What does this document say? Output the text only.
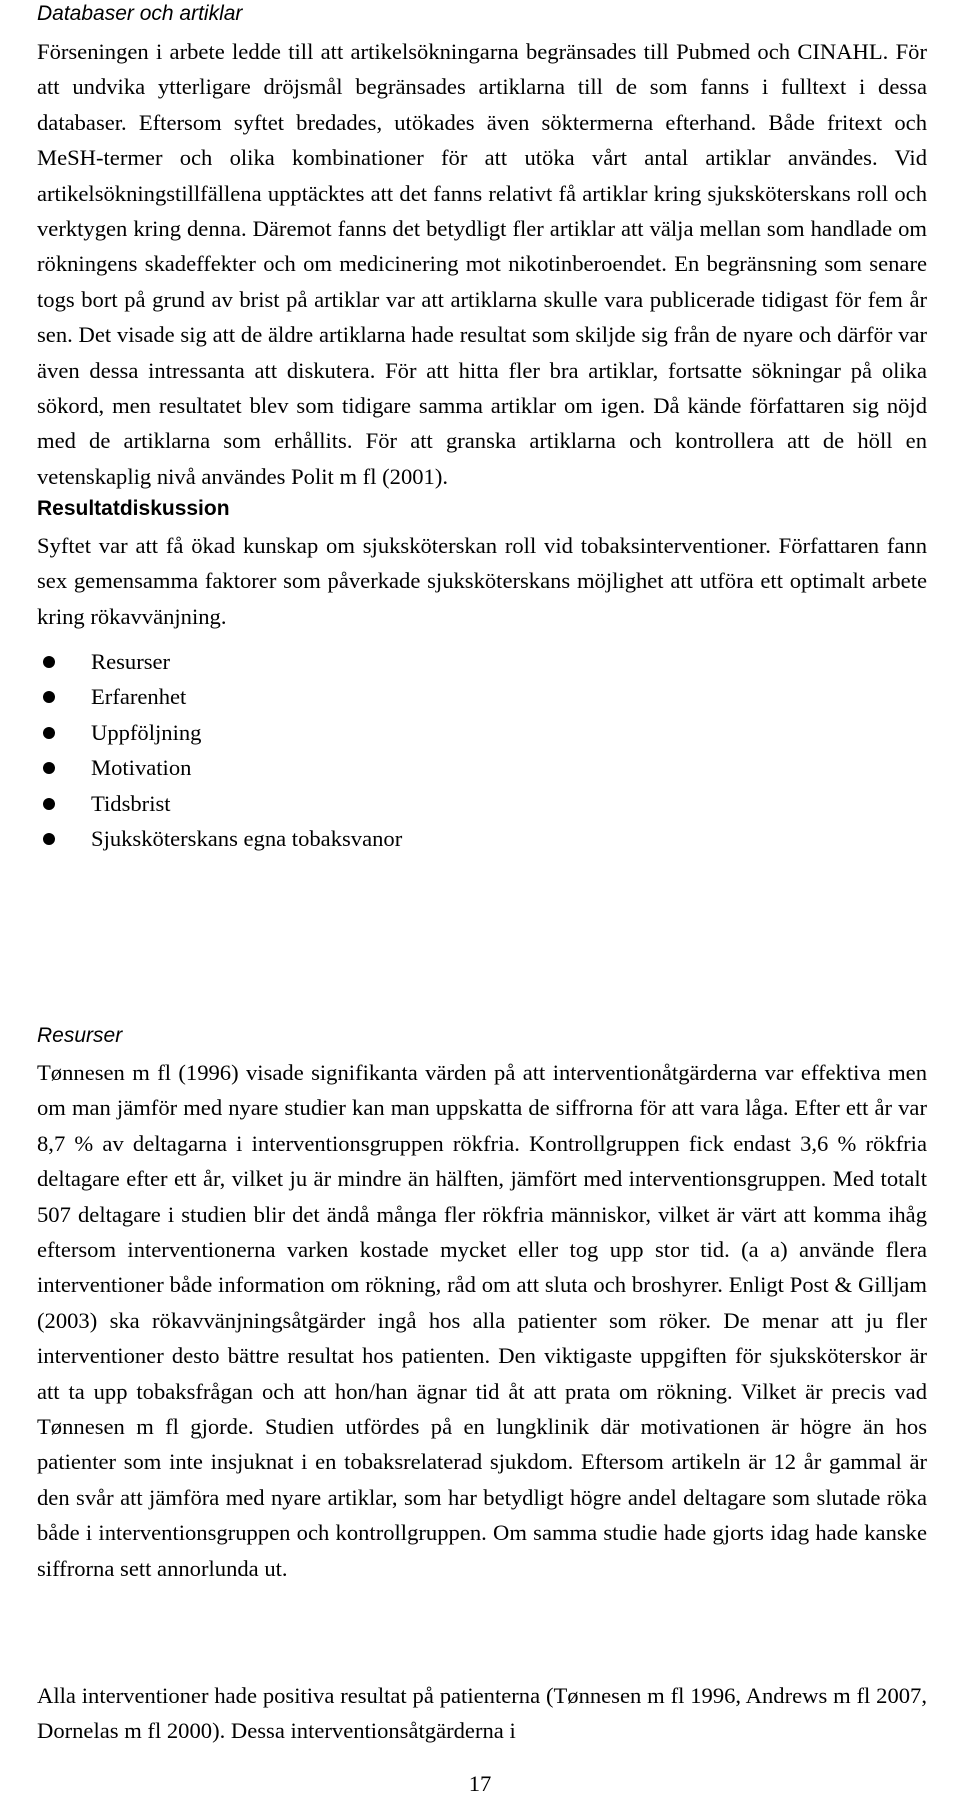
Databaser och artiklar

Förseningen i arbete ledde till att artikelsökningarna begränsades till Pubmed och CINAHL. För att undvika ytterligare dröjsmål begränsades artiklarna till de som fanns i fulltext i dessa databaser. Eftersom syftet bredades, utökades även söktermerna efterhand. Både fritext och MeSH-termer och olika kombinationer för att utöka vårt antal artiklar användes. Vid artikelsökningstillfällena upptäcktes att det fanns relativt få artiklar kring sjuksköterskans roll och verktygen kring denna. Däremot fanns det betydligt fler artiklar att välja mellan som handlade om rökningens skadeffekter och om medicinering mot nikotinberoendet. En begränsning som senare togs bort på grund av brist på artiklar var att artiklarna skulle vara publicerade tidigast för fem år sen. Det visade sig att de äldre artiklarna hade resultat som skiljde sig från de nyare och därför var även dessa intressanta att diskutera. För att hitta fler bra artiklar, fortsatte sökningar på olika sökord, men resultatet blev som tidigare samma artiklar om igen. Då kände författaren sig nöjd med de artiklarna som erhållits. För att granska artiklarna och kontrollera att de höll en vetenskaplig nivå användes Polit m fl (2001).

Resultatdiskussion

Syftet var att få ökad kunskap om sjuksköterskan roll vid tobaksinterventioner. Författaren fann sex gemensamma faktorer som påverkade sjuksköterskans möjlighet att utföra ett optimalt arbete kring rökavvänjning.

Resurser
Erfarenhet
Uppföljning
Motivation
Tidsbrist
Sjuksköterskans egna tobaksvanor
Resurser

Tønnesen m fl (1996) visade signifikanta värden på att interventionåtgärderna var effektiva men om man jämför med nyare studier kan man uppskatta de siffrorna för att vara låga. Efter ett år var 8,7 % av deltagarna i interventionsgruppen rökfria. Kontrollgruppen fick endast 3,6 % rökfria deltagare efter ett år, vilket ju är mindre än hälften, jämfört med interventionsgruppen. Med totalt 507 deltagare i studien blir det ändå många fler rökfria människor, vilket är värt att komma ihåg eftersom interventionerna varken kostade mycket eller tog upp stor tid. (a a) använde flera interventioner både information om rökning, råd om att sluta och broshyrer. Enligt Post & Gilljam (2003) ska rökavvänjningsåtgärder ingå hos alla patienter som röker. De menar att ju fler interventioner desto bättre resultat hos patienten. Den viktigaste uppgiften för sjuksköterskor är att ta upp tobaksfrågan och att hon/han ägnar tid åt att prata om rökning. Vilket är precis vad Tønnesen m fl gjorde. Studien utfördes på en lungklinik där motivationen är högre än hos patienter som inte insjuknat i en tobaksrelaterad sjukdom. Eftersom artikeln är 12 år gammal är den svår att jämföra med nyare artiklar, som har betydligt högre andel deltagare som slutade röka både i interventionsgruppen och kontrollgruppen. Om samma studie hade gjorts idag hade kanske siffrorna sett annorlunda ut.

Alla interventioner hade positiva resultat på patienterna (Tønnesen m fl 1996, Andrews m fl 2007, Dornelas m fl 2000). Dessa interventionsåtgärderna i

17
